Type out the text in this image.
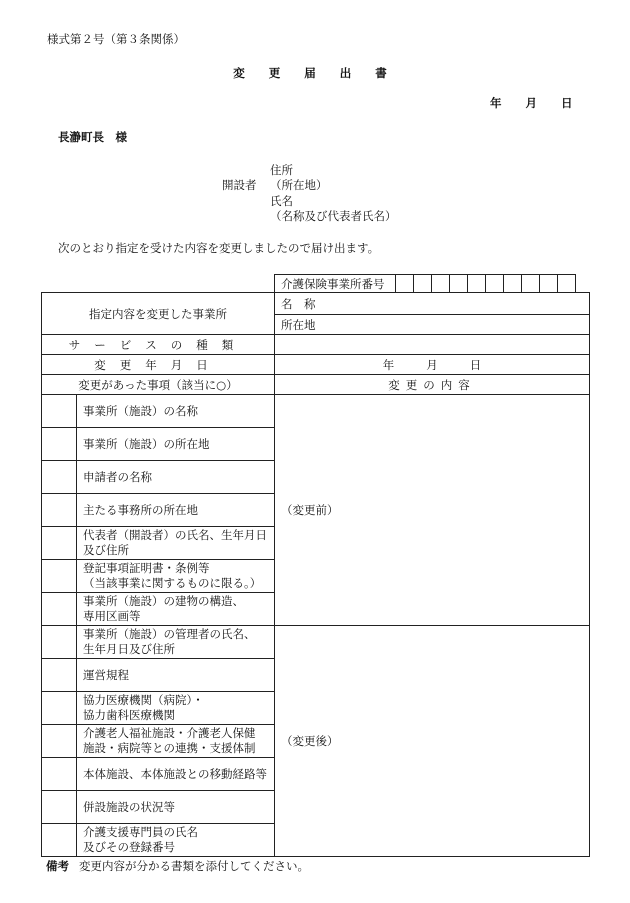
様式第２号（第３条関係）
変 更 届 出 書
年 月 日
長瀞町長　様
開設者
住所
（所在地）
氏名
（名称及び代表者氏名）
次のとおり指定を受けた内容を変更しましたので届け出ます。
介護保険事業所番号										
指定内容を変更した事業所		名　称
		所在地
サービスの種類		
変更年月日		年 月 日
変更があった事項（該当に○）		変更の内容
	事業所（施設）の名称	（変更前）
	事業所（施設）の所在地	
	申請者の名称	
	主たる事務所の所在地	

	代表者（開設者）の氏名、生年月日
及び住所	

	登記事項証明書・条例等
（当該事業に関するものに限る。）	

	事業所（施設）の建物の構造、
専用区画等	

	事業所（施設）の管理者の氏名、
生年月日及び住所	（変更後）
	運営規程	

	協力医療機関（病院）・
協力歯科医療機関	

	介護老人福祉施設・介護老人保健
施設・病院等との連携・支援体制	

	本体施設、本体施設との移動経路等	
	併設施設の状況等	

	介護支援専門員の氏名
及びその登録番号	
備考 変更内容が分かる書類を添付してください。
